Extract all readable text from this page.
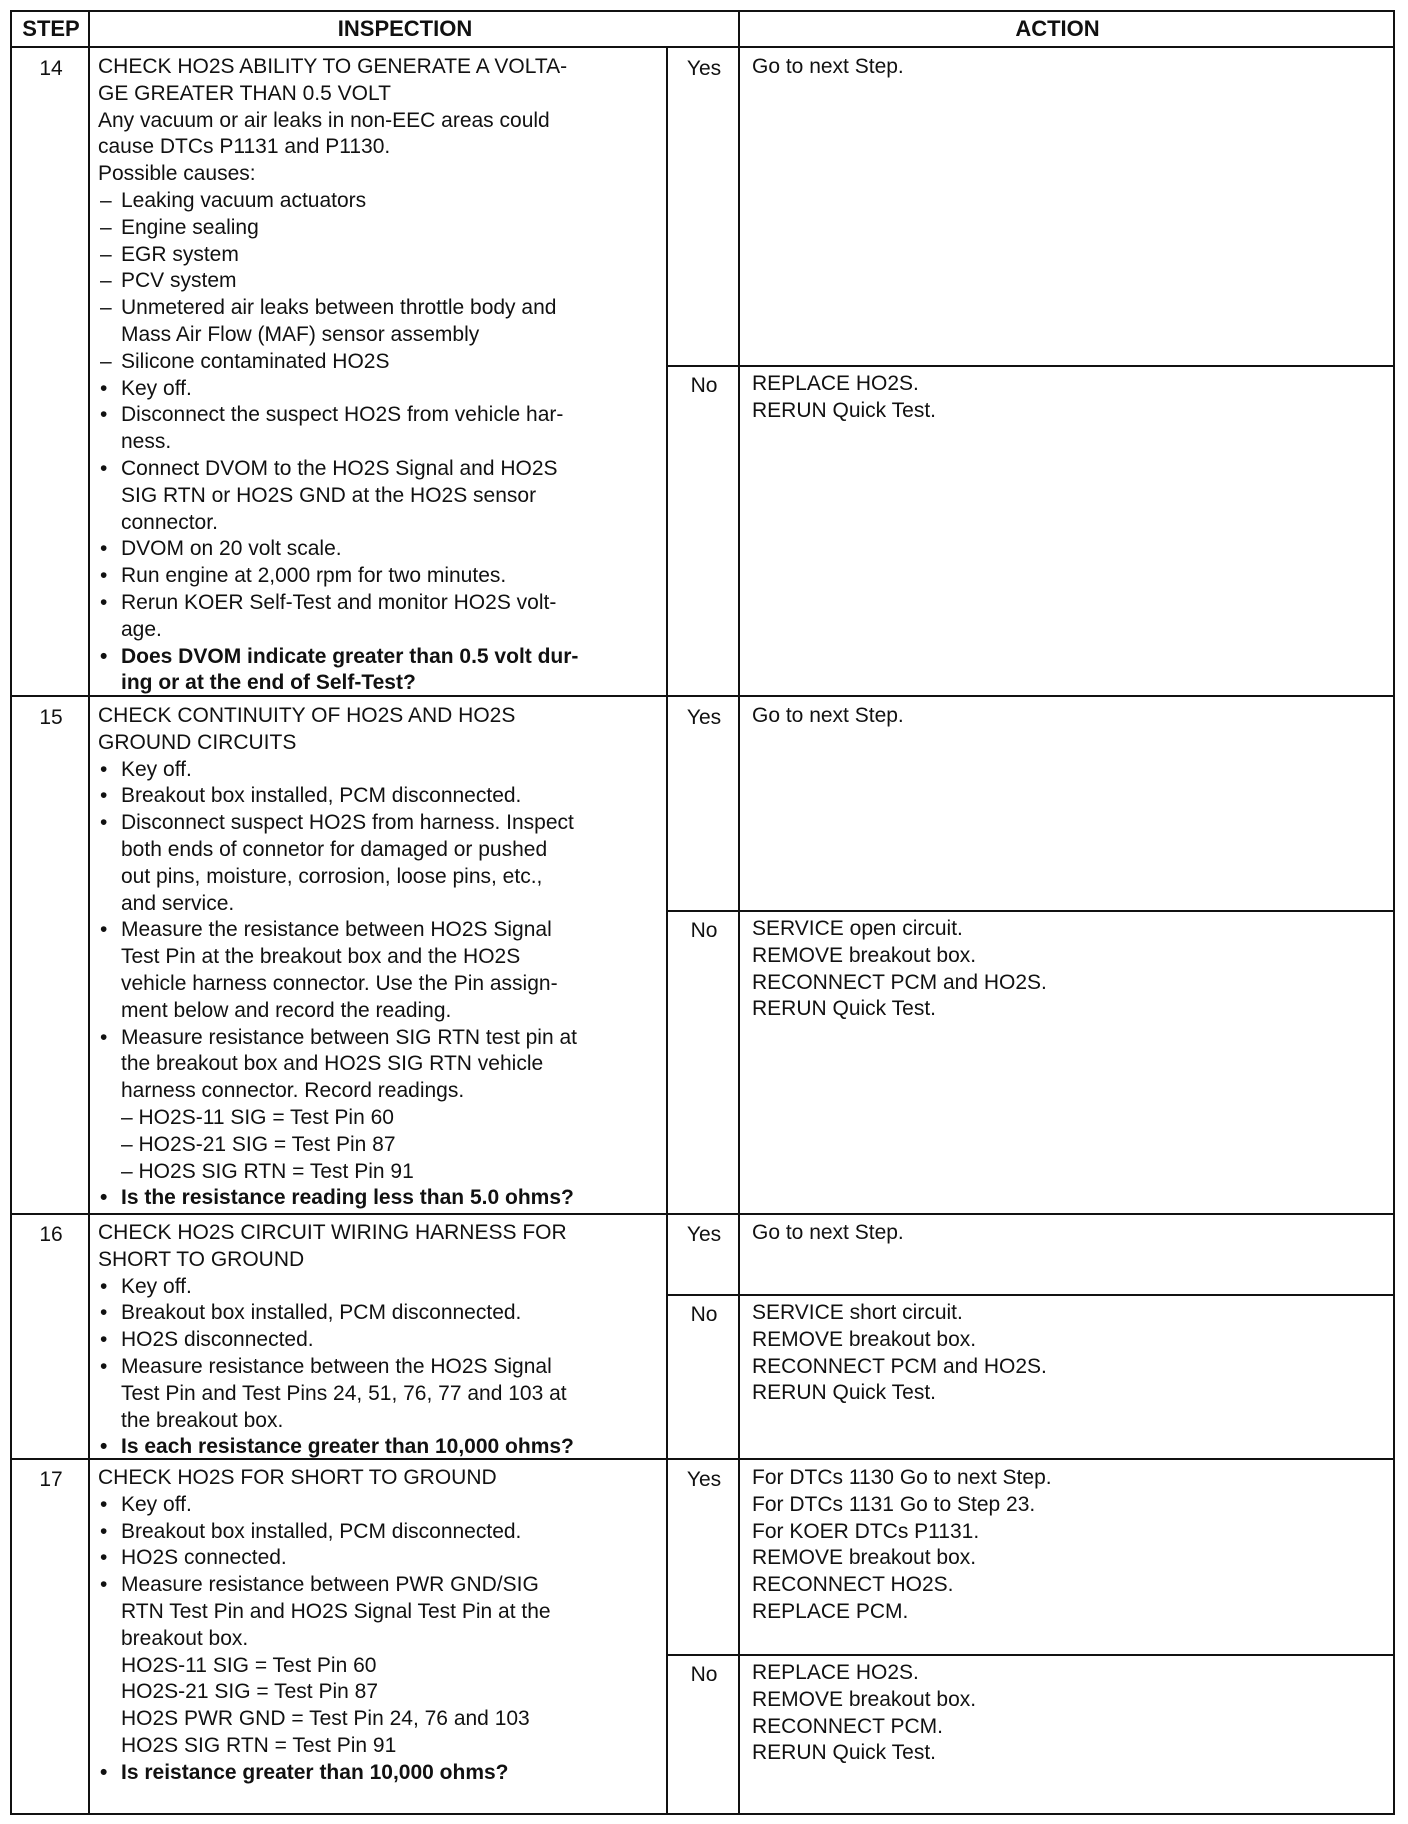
STEP	INSPECTION	ACTION
14
15
16
17
Yes
No
Yes
No
Yes
No
Yes
No
CHECK HO2S ABILITY TO GENERATE A VOLTA-
GE GREATER THAN 0.5 VOLT
Any vacuum or air leaks in non-EEC areas could
cause DTCs P1131 and P1130.
Possible causes:
– Leaking vacuum actuators
– Engine sealing
– EGR system
– PCV system
– Unmetered air leaks between throttle body and
Mass Air Flow (MAF) sensor assembly
– Silicone contaminated HO2S
• Key off.
• Disconnect the suspect HO2S from vehicle har-
ness.
• Connect DVOM to the HO2S Signal and HO2S
SIG RTN or HO2S GND at the HO2S sensor
connector.
• DVOM on 20 volt scale.
• Run engine at 2,000 rpm for two minutes.
• Rerun KOER Self-Test and monitor HO2S volt-
age.
• Does DVOM indicate greater than 0.5 volt dur-
ing or at the end of Self-Test?
CHECK CONTINUITY OF HO2S AND HO2S
GROUND CIRCUITS
• Key off.
• Breakout box installed, PCM disconnected.
• Disconnect suspect HO2S from harness. Inspect
both ends of connetor for damaged or pushed
out pins, moisture, corrosion, loose pins, etc.,
and service.
• Measure the resistance between HO2S Signal
Test Pin at the breakout box and the HO2S
vehicle harness connector. Use the Pin assign-
ment below and record the reading.
• Measure resistance between SIG RTN test pin at
the breakout box and HO2S SIG RTN vehicle
harness connector. Record readings.
– HO2S-11 SIG = Test Pin 60
– HO2S-21 SIG = Test Pin 87
– HO2S SIG RTN = Test Pin 91
• Is the resistance reading less than 5.0 ohms?
CHECK HO2S CIRCUIT WIRING HARNESS FOR
SHORT TO GROUND
• Key off.
• Breakout box installed, PCM disconnected.
• HO2S disconnected.
• Measure resistance between the HO2S Signal
Test Pin and Test Pins 24, 51, 76, 77 and 103 at
the breakout box.
• Is each resistance greater than 10,000 ohms?
CHECK HO2S FOR SHORT TO GROUND
• Key off.
• Breakout box installed, PCM disconnected.
• HO2S connected.
• Measure resistance between PWR GND/SIG
RTN Test Pin and HO2S Signal Test Pin at the
breakout box.
HO2S-11 SIG = Test Pin 60
HO2S-21 SIG = Test Pin 87
HO2S PWR GND = Test Pin 24, 76 and 103
HO2S SIG RTN = Test Pin 91
• Is reistance greater than 10,000 ohms?
Go to next Step.
REPLACE HO2S.
RERUN Quick Test.
Go to next Step.
SERVICE open circuit.
REMOVE breakout box.
RECONNECT PCM and HO2S.
RERUN Quick Test.
Go to next Step.
SERVICE short circuit.
REMOVE breakout box.
RECONNECT PCM and HO2S.
RERUN Quick Test.
For DTCs 1130 Go to next Step.
For DTCs 1131 Go to Step 23.
For KOER DTCs P1131.
REMOVE breakout box.
RECONNECT HO2S.
REPLACE PCM.
REPLACE HO2S.
REMOVE breakout box.
RECONNECT PCM.
RERUN Quick Test.
